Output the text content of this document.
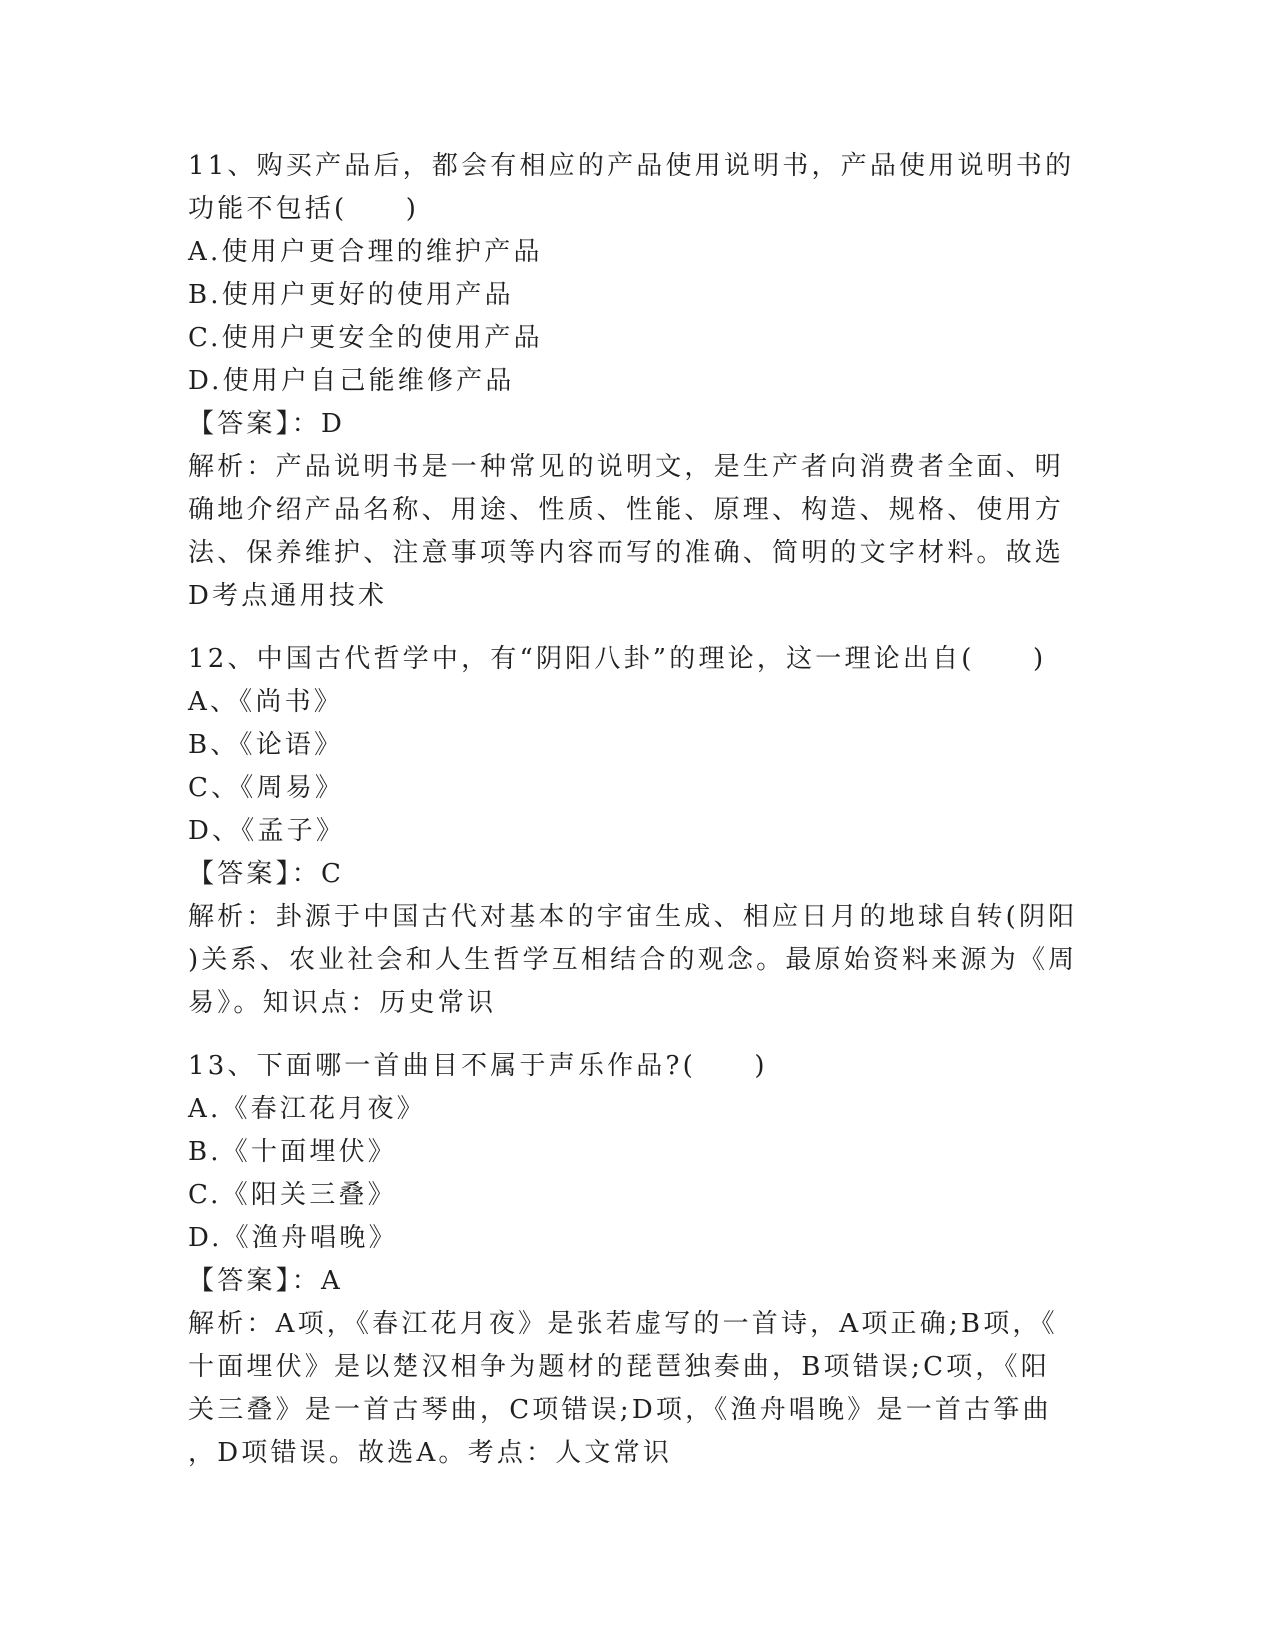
11、购买产品后，都会有相应的产品使用说明书，产品使用说明书的

功能不包括(　　)

A.使用户更合理的维护产品

B.使用户更好的使用产品

C.使用户更安全的使用产品

D.使用户自己能维修产品

【答案】：D

解析：产品说明书是一种常见的说明文，是生产者向消费者全面、明

确地介绍产品名称、用途、性质、性能、原理、构造、规格、使用方

法、保养维护、注意事项等内容而写的准确、简明的文字材料。故选

D考点通用技术

12、中国古代哲学中，有“阴阳八卦”的理论，这一理论出自(　　)

A、《尚书》

B、《论语》

C、《周易》

D、《孟子》

【答案】：C

解析：卦源于中国古代对基本的宇宙生成、相应日月的地球自转(阴阳

)关系、农业社会和人生哲学互相结合的观念。最原始资料来源为《周

易》。知识点：历史常识

13、下面哪一首曲目不属于声乐作品?(　　)

A.《春江花月夜》

B.《十面埋伏》

C.《阳关三叠》

D.《渔舟唱晚》

【答案】：A

解析：A项，《春江花月夜》是张若虚写的一首诗，A项正确;B项，《

十面埋伏》是以楚汉相争为题材的琵琶独奏曲，B项错误;C项，《阳

关三叠》是一首古琴曲，C项错误;D项，《渔舟唱晚》是一首古筝曲

，D项错误。故选A。考点：人文常识
